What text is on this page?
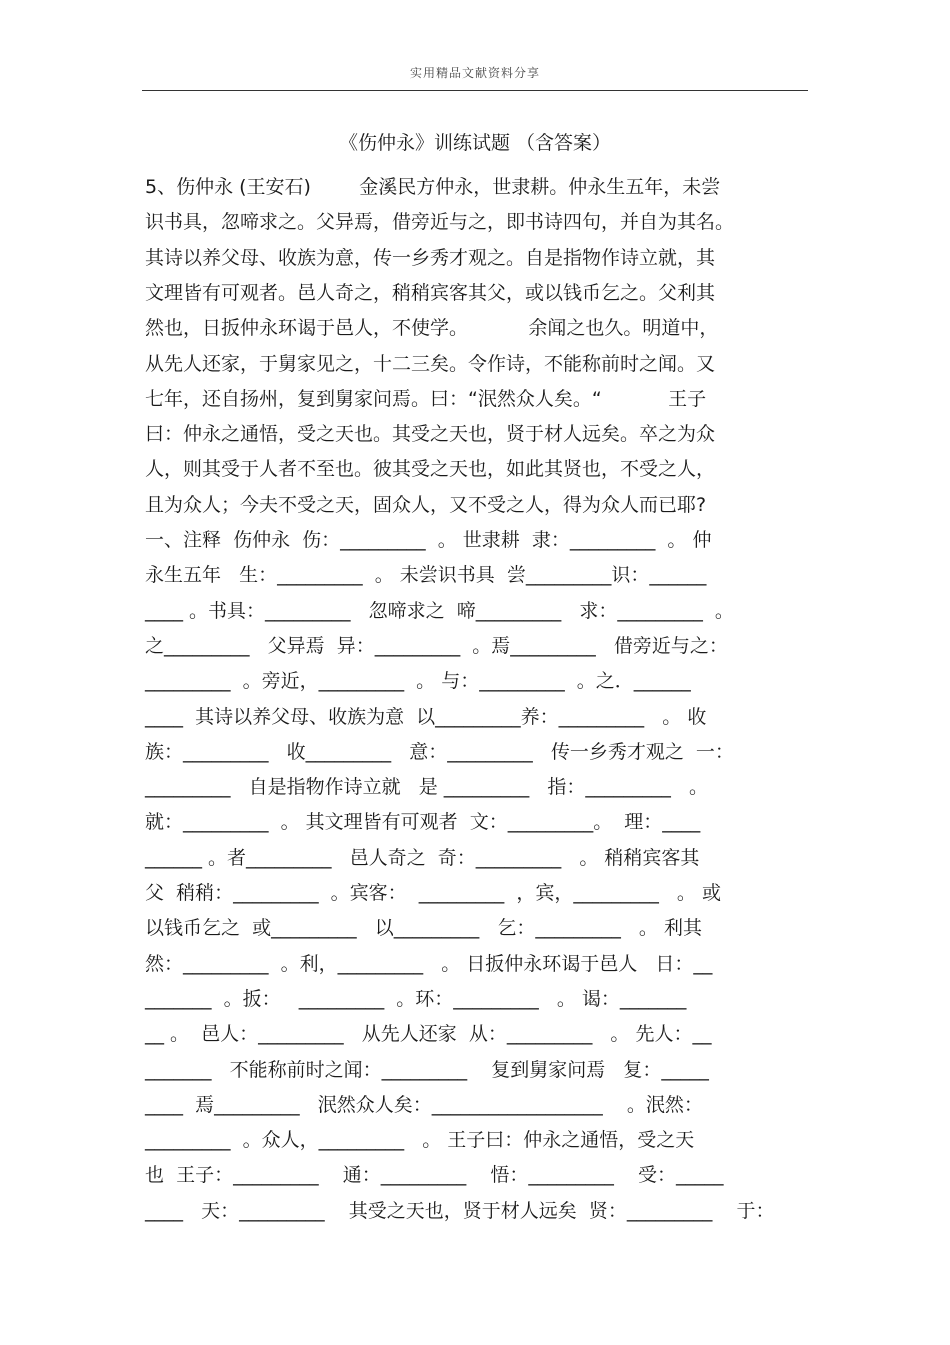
实用精品文献资料分享
《伤仲永》训练试题 （含答案）
5、伤仲永 (王安石)        金溪民方仲永，世隶耕。仲永生五年，未尝
识书具，忽啼求之。父异焉，借旁近与之，即书诗四句，并自为其名。
其诗以养父母、收族为意，传一乡秀才观之。自是指物作诗立就，其
文理皆有可观者。邑人奇之，稍稍宾客其父，或以钱币乞之。父利其
然也，日扳仲永环谒于邑人，不使学。          余闻之也久。明道中，
从先人还家，于舅家见之，十二三矣。令作诗，不能称前时之闻。又
七年，还自扬州，复到舅家问焉。曰：“泯然众人矣。“           王子
曰：仲永之通悟，受之天也。其受之天也，贤于材人远矣。卒之为众
人，则其受于人者不至也。彼其受之天也，如此其贤也，不受之人，
且为众人；今夫不受之天，固众人，又不受之人，得为众人而已耶?
一、注释  伤仲永  伤：_________  。 世隶耕  隶：_________  。 仲
永生五年   生：_________  。 未尝识书具  尝_________识：______
____ 。书具：_________   忽啼求之  啼_________   求：_________  。
之_________   父异焉  异：_________  。焉_________   借旁近与之：
_________  。旁近，_________  。 与：_________  。之．______
____  其诗以养父母、收族为意  以_________养：_________   。 收
族：_________   收_________   意：_________   传一乡秀才观之  一：
_________   自是指物作诗立就   是 _________   指：_________   。
就：_________  。 其文理皆有可观者  文：_________。  理：____
______ 。者_________   邑人奇之  奇：_________   。 稍稍宾客其
父  稍稍：_________  。宾客：  _________  ，宾，_________   。 或
以钱币乞之  或_________   以_________   乞：_________   。 利其
然：_________  。利，_________   。 日扳仲永环谒于邑人   日：__
_______  。扳：   _________  。环：_________   。 谒：_______
__ 。  邑人：_________   从先人还家  从：_________   。 先人：__
_______   不能称前时之闻：_________    复到舅家问焉   复：_____
____  焉_________   泯然众人矣：__________________    。泯然：
_________  。众人，_________   。 王子曰：仲永之通悟，受之天
也  王子：_________    通：_________    悟：_________    受：_____
____   天：_________    其受之天也，贤于材人远矣  贤：_________    于：
